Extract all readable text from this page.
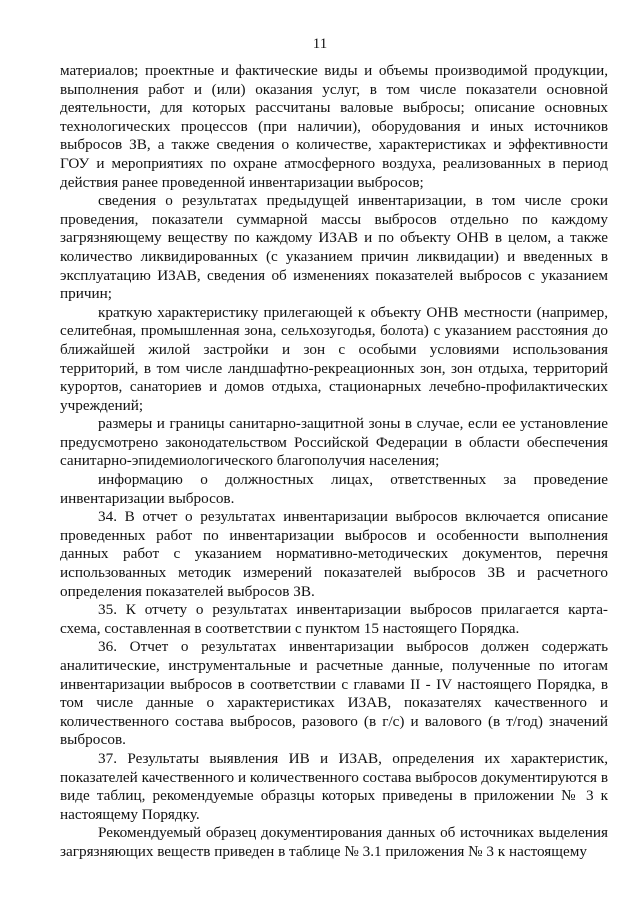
11

материалов; проектные и фактические виды и объемы производимой продукции, выполнения работ и (или) оказания услуг, в том числе показатели основной деятельности, для которых рассчитаны валовые выбросы; описание основных технологических процессов (при наличии), оборудования и иных источников выбросов ЗВ, а также сведения о количестве, характеристиках и эффективности ГОУ и мероприятиях по охране атмосферного воздуха, реализованных в период действия ранее проведенной инвентаризации выбросов;

сведения о результатах предыдущей инвентаризации, в том числе сроки проведения, показатели суммарной массы выбросов отдельно по каждому загрязняющему веществу по каждому ИЗАВ и по объекту ОНВ в целом, а также количество ликвидированных (с указанием причин ликвидации) и введенных в эксплуатацию ИЗАВ, сведения об изменениях показателей выбросов с указанием причин;

краткую характеристику прилегающей к объекту ОНВ местности (например, селитебная, промышленная зона, сельхозугодья, болота) с указанием расстояния до ближайшей жилой застройки и зон с особыми условиями использования территорий, в том числе ландшафтно-рекреационных зон, зон отдыха, территорий курортов, санаториев и домов отдыха, стационарных лечебно-профилактических учреждений;

размеры и границы санитарно-защитной зоны в случае, если ее установление предусмотрено законодательством Российской Федерации в области обеспечения санитарно-эпидемиологического благополучия населения;

информацию о должностных лицах, ответственных за проведение инвентаризации выбросов.

34. В отчет о результатах инвентаризации выбросов включается описание проведенных работ по инвентаризации выбросов и особенности выполнения данных работ с указанием нормативно-методических документов, перечня использованных методик измерений показателей выбросов ЗВ и расчетного определения показателей выбросов ЗВ.

35. К отчету о результатах инвентаризации выбросов прилагается карта-схема, составленная в соответствии с пунктом 15 настоящего Порядка.

36. Отчет о результатах инвентаризации выбросов должен содержать аналитические, инструментальные и расчетные данные, полученные по итогам инвентаризации выбросов в соответствии с главами II - IV настоящего Порядка, в том числе данные о характеристиках ИЗАВ, показателях качественного и количественного состава выбросов, разового (в г/с) и валового (в т/год) значений выбросов.

37. Результаты выявления ИВ и ИЗАВ, определения их характеристик, показателей качественного и количественного состава выбросов документируются в виде таблиц, рекомендуемые образцы которых приведены в приложении № 3 к настоящему Порядку.

Рекомендуемый образец документирования данных об источниках выделения загрязняющих веществ приведен в таблице № 3.1 приложения № 3 к настоящему
